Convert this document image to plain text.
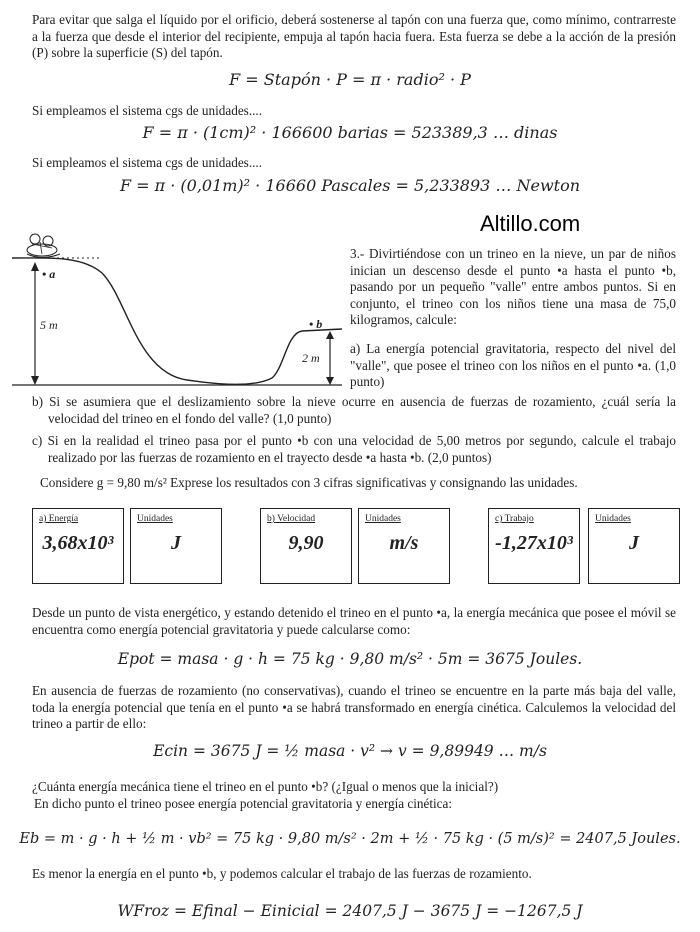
Para evitar que salga el líquido por el orificio, deberá sostenerse al tapón con una fuerza que, como mínimo, contrarreste a la fuerza que desde el interior del recipiente, empuja al tapón hacia fuera. Esta fuerza se debe a la acción de la presión (P) sobre la superficie (S) del tapón.
F = Stapón · P = π · radio² · P
Si empleamos el sistema cgs de unidades....
F = π · (1cm)² · 166600 barias = 523389,3 … dinas
Si empleamos el sistema cgs de unidades....
F = π · (0,01m)² · 16660 Pascales = 5,233893 … Newton
Altillo.com
• a
• b
5 m
2 m
3.- Divirtiéndose con un trineo en la nieve, un par de niños inician un descenso desde el punto •a hasta el punto •b, pasando por un pequeño "valle" entre ambos puntos. Si en conjunto, el trineo con los niños tiene una masa de 75,0 kilogramos, calcule:
a) La energía potencial gravitatoria, respecto del nivel del "valle", que posee el trineo con los niños en el punto •a. (1,0 punto)
b) Si se asumiera que el deslizamiento sobre la nieve ocurre en ausencia de fuerzas de rozamiento, ¿cuál sería la velocidad del trineo en el fondo del valle? (1,0 punto)
c) Si en la realidad el trineo pasa por el punto •b con una velocidad de 5,00 metros por segundo, calcule el trabajo realizado por las fuerzas de rozamiento en el trayecto desde •a hasta •b. (2,0 puntos)
Considere g = 9,80 m/s² Exprese los resultados con 3 cifras significativas y consignando las unidades.
a) Energía
3,68x10³
Unidades
J
b) Velocidad
9,90
Unidades
m/s
c) Trabajo
-1,27x10³
Unidades
J
Desde un punto de vista energético, y estando detenido el trineo en el punto •a, la energía mecánica que posee el móvil se encuentra como energía potencial gravitatoria y puede calcularse como:
Epot = masa · g · h = 75 kg · 9,80 m/s² · 5m = 3675 Joules.
En ausencia de fuerzas de rozamiento (no conservativas), cuando el trineo se encuentre en la parte más baja del valle, toda la energía potencial que tenía en el punto •a se habrá transformado en energía cinética. Calculemos la velocidad del trineo a partir de ello:
Ecin = 3675 J = ½ masa · v² → v = 9,89949 … m/s
¿Cuánta energía mecánica tiene el trineo en el punto •b? (¿Igual o menos que la inicial?)
En dicho punto el trineo posee energía potencial gravitatoria y energía cinética:
Eb = m · g · h + ½ m · vb² = 75 kg · 9,80 m/s² · 2m + ½ · 75 kg · (5 m/s)² = 2407,5 Joules.
Es menor la energía en el punto •b, y podemos calcular el trabajo de las fuerzas de rozamiento.
WFroz = Efinal − Einicial = 2407,5 J − 3675 J = −1267,5 J
